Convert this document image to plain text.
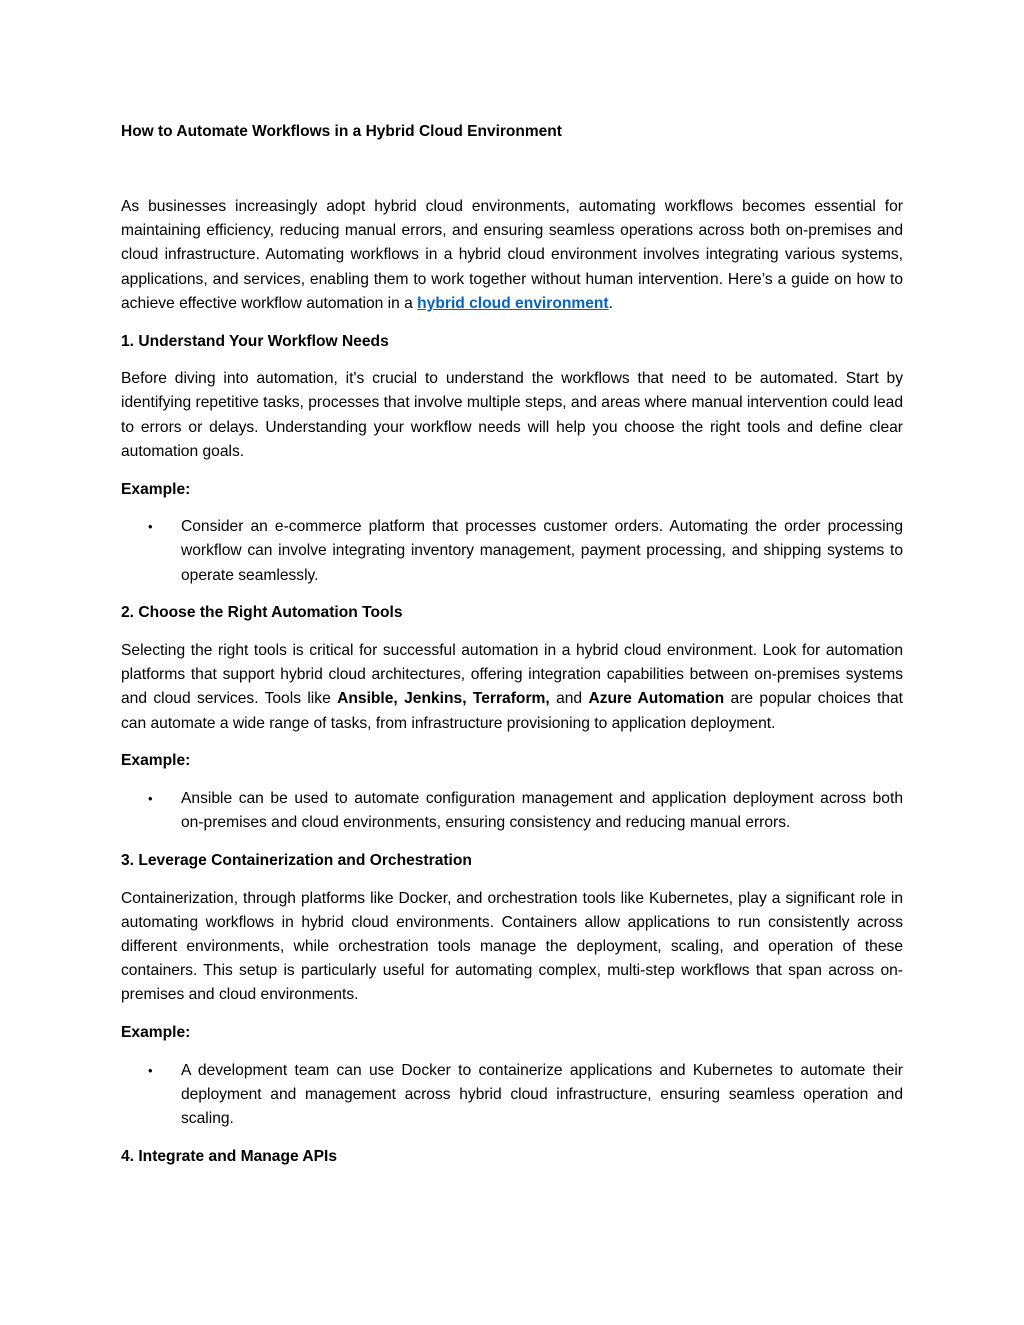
How to Automate Workflows in a Hybrid Cloud Environment

As businesses increasingly adopt hybrid cloud environments, automating workflows becomes essential for maintaining efficiency, reducing manual errors, and ensuring seamless operations across both on-premises and cloud infrastructure. Automating workflows in a hybrid cloud environment involves integrating various systems, applications, and services, enabling them to work together without human intervention. Here’s a guide on how to achieve effective workflow automation in a hybrid cloud environment.

1. Understand Your Workflow Needs

Before diving into automation, it's crucial to understand the workflows that need to be automated. Start by identifying repetitive tasks, processes that involve multiple steps, and areas where manual intervention could lead to errors or delays. Understanding your workflow needs will help you choose the right tools and define clear automation goals.

Example:
• Consider an e-commerce platform that processes customer orders. Automating the order processing workflow can involve integrating inventory management, payment processing, and shipping systems to operate seamlessly.
2. Choose the Right Automation Tools

Selecting the right tools is critical for successful automation in a hybrid cloud environment. Look for automation platforms that support hybrid cloud architectures, offering integration capabilities between on-premises systems and cloud services. Tools like Ansible, Jenkins, Terraform, and Azure Automation are popular choices that can automate a wide range of tasks, from infrastructure provisioning to application deployment.

Example:
• Ansible can be used to automate configuration management and application deployment across both on-premises and cloud environments, ensuring consistency and reducing manual errors.
3. Leverage Containerization and Orchestration

Containerization, through platforms like Docker, and orchestration tools like Kubernetes, play a significant role in automating workflows in hybrid cloud environments. Containers allow applications to run consistently across different environments, while orchestration tools manage the deployment, scaling, and operation of these containers. This setup is particularly useful for automating complex, multi-step workflows that span across on-premises and cloud environments.

Example:
• A development team can use Docker to containerize applications and Kubernetes to automate their deployment and management across hybrid cloud infrastructure, ensuring seamless operation and scaling.
4. Integrate and Manage APIs
